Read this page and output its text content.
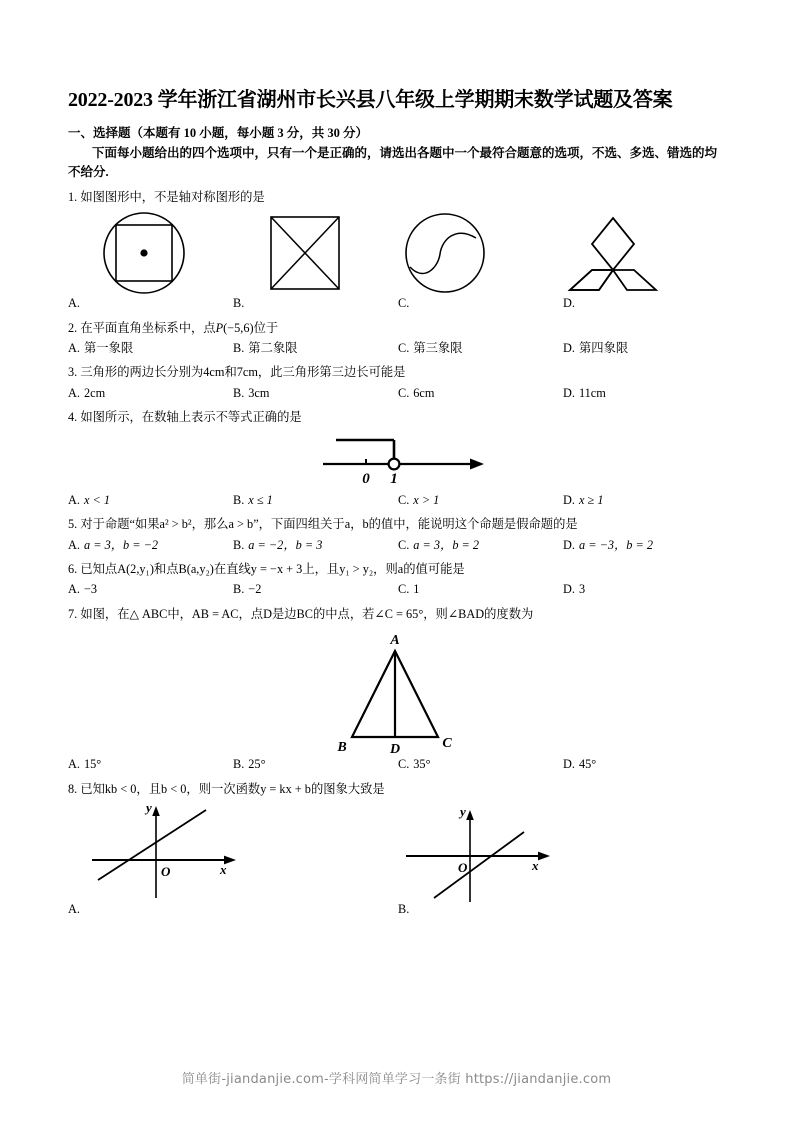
2022-2023 学年浙江省湖州市长兴县八年级上学期期末数学试题及答案
一、选择题（本题有 10 小题，每小题 3 分，共 30 分）
下面每小题给出的四个选项中，只有一个是正确的，请选出各题中一个最符合题意的选项，不选、多选、错选的均不给分.
1. 如图图形中，不是轴对称图形的是
A.	B.	C.	D.
2. 在平面直角坐标系中，点P(−5,6)位于
A. 第一象限	B. 第二象限	C. 第三象限	D. 第四象限
3. 三角形的两边长分别为4cm和7cm，此三角形第三边长可能是
A. 2cm	B. 3cm	C. 6cm	D. 11cm
4. 如图所示，在数轴上表示不等式正确的是
0 1
A. x < 1	B. x ≤ 1	C. x > 1	D. x ≥ 1
5. 对于命题“如果a² > b²，那么a > b”，下面四组关于a，b的值中，能说明这个命题是假命题的是
A. a = 3，b = −2	B. a = −2，b = 3	C. a = 3，b = 2	D. a = −3，b = 2
6. 已知点A(2,y₁)和点B(a,y₂)在直线y = −x + 3上，且y₁ > y₂，则a的值可能是
A. −3	B. −2	C. 1	D. 3
7. 如图，在△ ABC中，AB = AC，点D是边BC的中点，若∠C = 65°，则∠BAD的度数为
A
B	D	C
A. 15°	B. 25°	C. 35°	D. 45°
8. 已知kb < 0，且b < 0，则一次函数y = kx + b的图象大致是
y
O	x
y
O	x
A.	B.
简单街-jiandanjie.com-学科网简单学习一条街 https://jiandanjie.com
